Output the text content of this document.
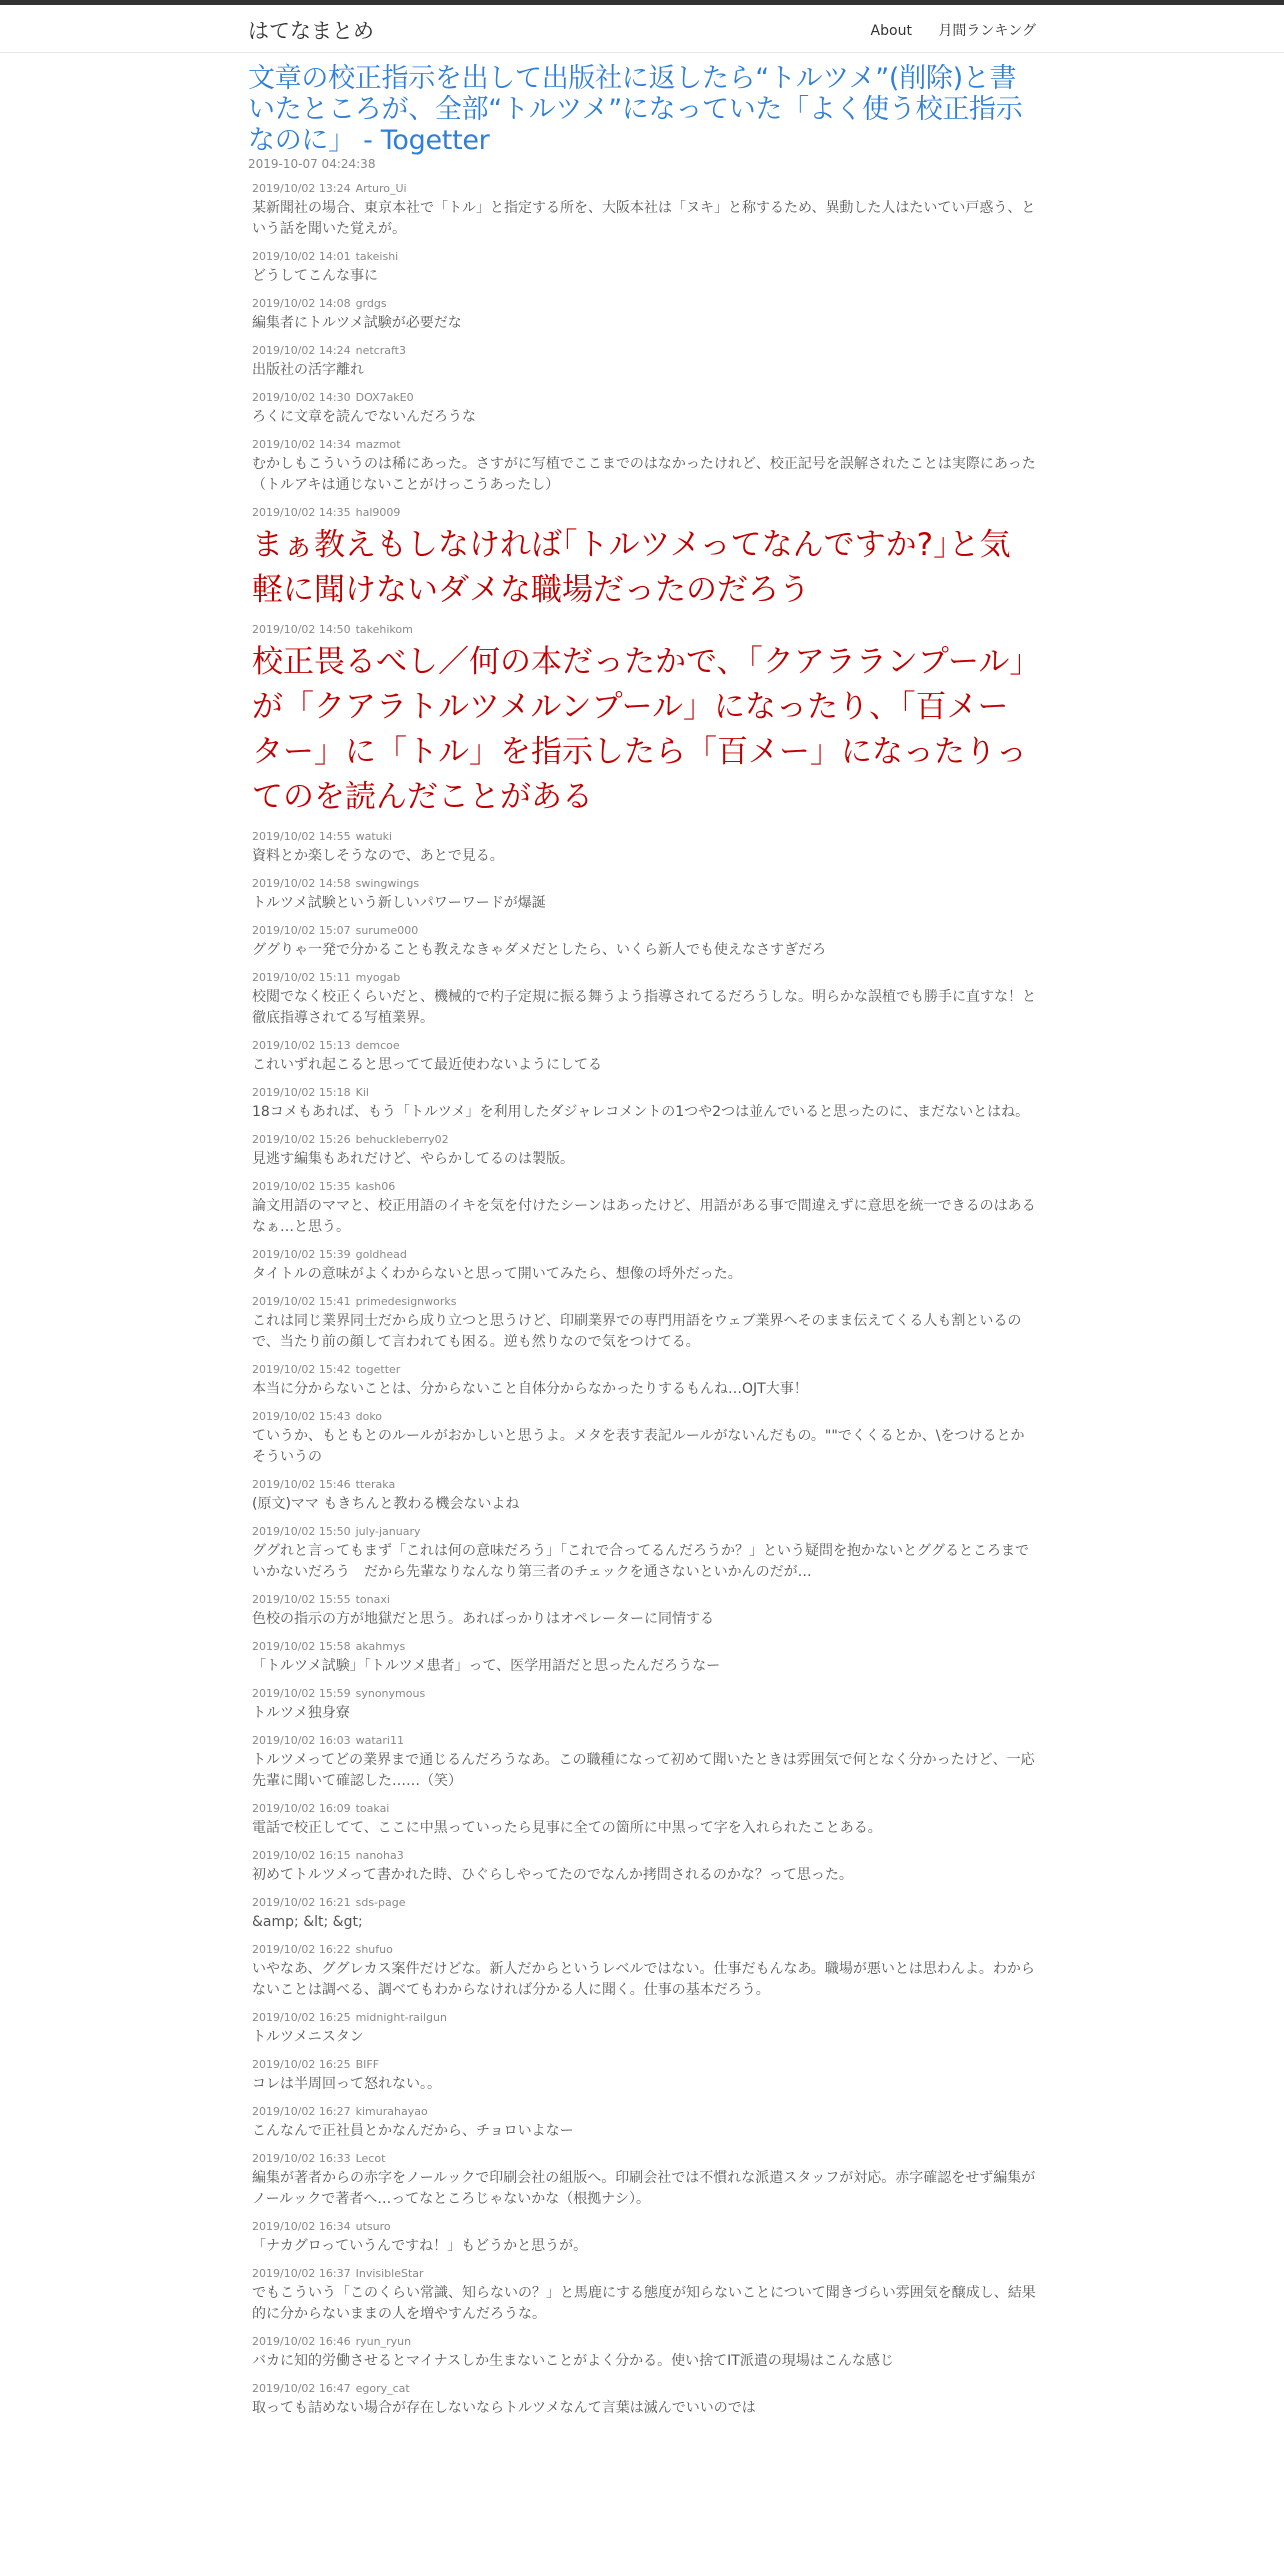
はてなまとめ	About 月間ランキング
文章の校正指示を出して出版社に返したら“トルツメ”(削除)と書いたところが、全部“トルツメ”になっていた「よく使う校正指示なのに」 - Togetter
2019-10-07 04:24:38
2019/10/02 13:24 Arturo_Ui
某新聞社の場合、東京本社で「トル」と指定する所を、大阪本社は「ヌキ」と称するため、異動した人はたいてい戸惑う、という話を聞いた覚えが。
2019/10/02 14:01 takeishi
どうしてこんな事に
2019/10/02 14:08 grdgs
編集者にトルツメ試験が必要だな
2019/10/02 14:24 netcraft3
出版社の活字離れ
2019/10/02 14:30 DOX7akE0
ろくに文章を読んでないんだろうな
2019/10/02 14:34 mazmot
むかしもこういうのは稀にあった。さすがに写植でここまでのはなかったけれど、校正記号を誤解されたことは実際にあった（トルアキは通じないことがけっこうあったし）
2019/10/02 14:35 hal9009
まぁ教えもしなければ｢トルツメってなんですか?｣と気軽に聞けないダメな職場だったのだろう
2019/10/02 14:50 takehikom
校正畏るべし／何の本だったかで、「クアラランプール」が「クアラトルツメルンプール」になったり、「百メーター」に「トル」を指示したら「百メー」になったりってのを読んだことがある
2019/10/02 14:55 watuki
資料とか楽しそうなので、あとで見る。
2019/10/02 14:58 swingwings
トルツメ試験という新しいパワーワードが爆誕
2019/10/02 15:07 surume000
ググりゃ一発で分かることも教えなきゃダメだとしたら、いくら新人でも使えなさすぎだろ
2019/10/02 15:11 myogab
校閲でなく校正くらいだと、機械的で杓子定規に振る舞うよう指導されてるだろうしな。明らかな誤植でも勝手に直すな！と徹底指導されてる写植業界。
2019/10/02 15:13 demcoe
これいずれ起こると思ってて最近使わないようにしてる
2019/10/02 15:18 Kil
18コメもあれば、もう「トルツメ」を利用したダジャレコメントの1つや2つは並んでいると思ったのに、まだないとはね。
2019/10/02 15:26 behuckleberry02
見逃す編集もあれだけど、やらかしてるのは製版。
2019/10/02 15:35 kash06
論文用語のママと、校正用語のイキを気を付けたシーンはあったけど、用語がある事で間違えずに意思を統一できるのはあるなぁ…と思う。
2019/10/02 15:39 goldhead
タイトルの意味がよくわからないと思って開いてみたら、想像の埒外だった。
2019/10/02 15:41 primedesignworks
これは同じ業界同士だから成り立つと思うけど、印刷業界での専門用語をウェブ業界へそのまま伝えてくる人も割といるので、当たり前の顔して言われても困る。逆も然りなので気をつけてる。
2019/10/02 15:42 togetter
本当に分からないことは、分からないこと自体分からなかったりするもんね…OJT大事！
2019/10/02 15:43 doko
ていうか、もともとのルールがおかしいと思うよ。メタを表す表記ルールがないんだもの。""でくくるとか、\をつけるとかそういうの
2019/10/02 15:46 tteraka
(原文)ママ もきちんと教わる機会ないよね
2019/10/02 15:50 july-january
ググれと言ってもまず「これは何の意味だろう」「これで合ってるんだろうか？」という疑問を抱かないとググるところまでいかないだろう　だから先輩なりなんなり第三者のチェックを通さないといかんのだが…
2019/10/02 15:55 tonaxi
色校の指示の方が地獄だと思う。あればっかりはオペレーターに同情する
2019/10/02 15:58 akahmys
「トルツメ試験」「トルツメ患者」って、医学用語だと思ったんだろうなー
2019/10/02 15:59 synonymous
トルツメ独身寮
2019/10/02 16:03 watari11
トルツメってどの業界まで通じるんだろうなあ。この職種になって初めて聞いたときは雰囲気で何となく分かったけど、一応先輩に聞いて確認した……（笑）
2019/10/02 16:09 toakai
電話で校正してて、ここに中黒っていったら見事に全ての箇所に中黒って字を入れられたことある。
2019/10/02 16:15 nanoha3
初めてトルツメって書かれた時、ひぐらしやってたのでなんか拷問されるのかな？って思った。
2019/10/02 16:21 sds-page
&amp; &lt; &gt;
2019/10/02 16:22 shufuo
いやなあ、ググレカス案件だけどな。新人だからというレベルではない。仕事だもんなあ。職場が悪いとは思わんよ。わからないことは調べる、調べてもわからなければ分かる人に聞く。仕事の基本だろう。
2019/10/02 16:25 midnight-railgun
トルツメニスタン
2019/10/02 16:25 BIFF
コレは半周回って怒れない。。
2019/10/02 16:27 kimurahayao
こんなんで正社員とかなんだから、チョロいよなー
2019/10/02 16:33 Lecot
編集が著者からの赤字をノールックで印刷会社の組版へ。印刷会社では不慣れな派遣スタッフが対応。赤字確認をせず編集がノールックで著者へ…ってなところじゃないかな（根拠ナシ）。
2019/10/02 16:34 utsuro
「ナカグロっていうんですね！」もどうかと思うが。
2019/10/02 16:37 InvisibleStar
でもこういう「このくらい常識、知らないの？」と馬鹿にする態度が知らないことについて聞きづらい雰囲気を醸成し、結果的に分からないままの人を増やすんだろうな。
2019/10/02 16:46 ryun_ryun
バカに知的労働させるとマイナスしか生まないことがよく分かる。使い捨てIT派遣の現場はこんな感じ
2019/10/02 16:47 egory_cat
取っても詰めない場合が存在しないならトルツメなんて言葉は滅んでいいのでは
